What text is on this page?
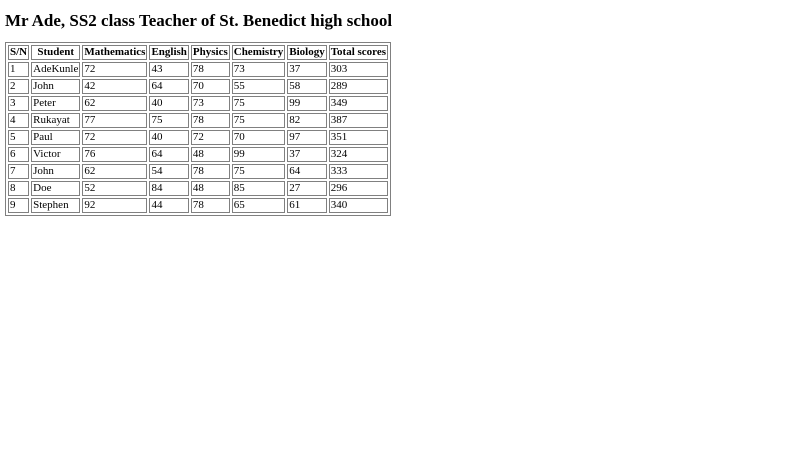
Mr Ade, SS2 class Teacher of St. Benedict high school
S/N	Student	Mathematics	English	Physics	Chemistry	Biology	Total scores
1	AdeKunle	72	43	78	73	37	303
2	John	42	64	70	55	58	289
3	Peter	62	40	73	75	99	349
4	Rukayat	77	75	78	75	82	387
5	Paul	72	40	72	70	97	351
6	Victor	76	64	48	99	37	324
7	John	62	54	78	75	64	333
8	Doe	52	84	48	85	27	296
9	Stephen	92	44	78	65	61	340
